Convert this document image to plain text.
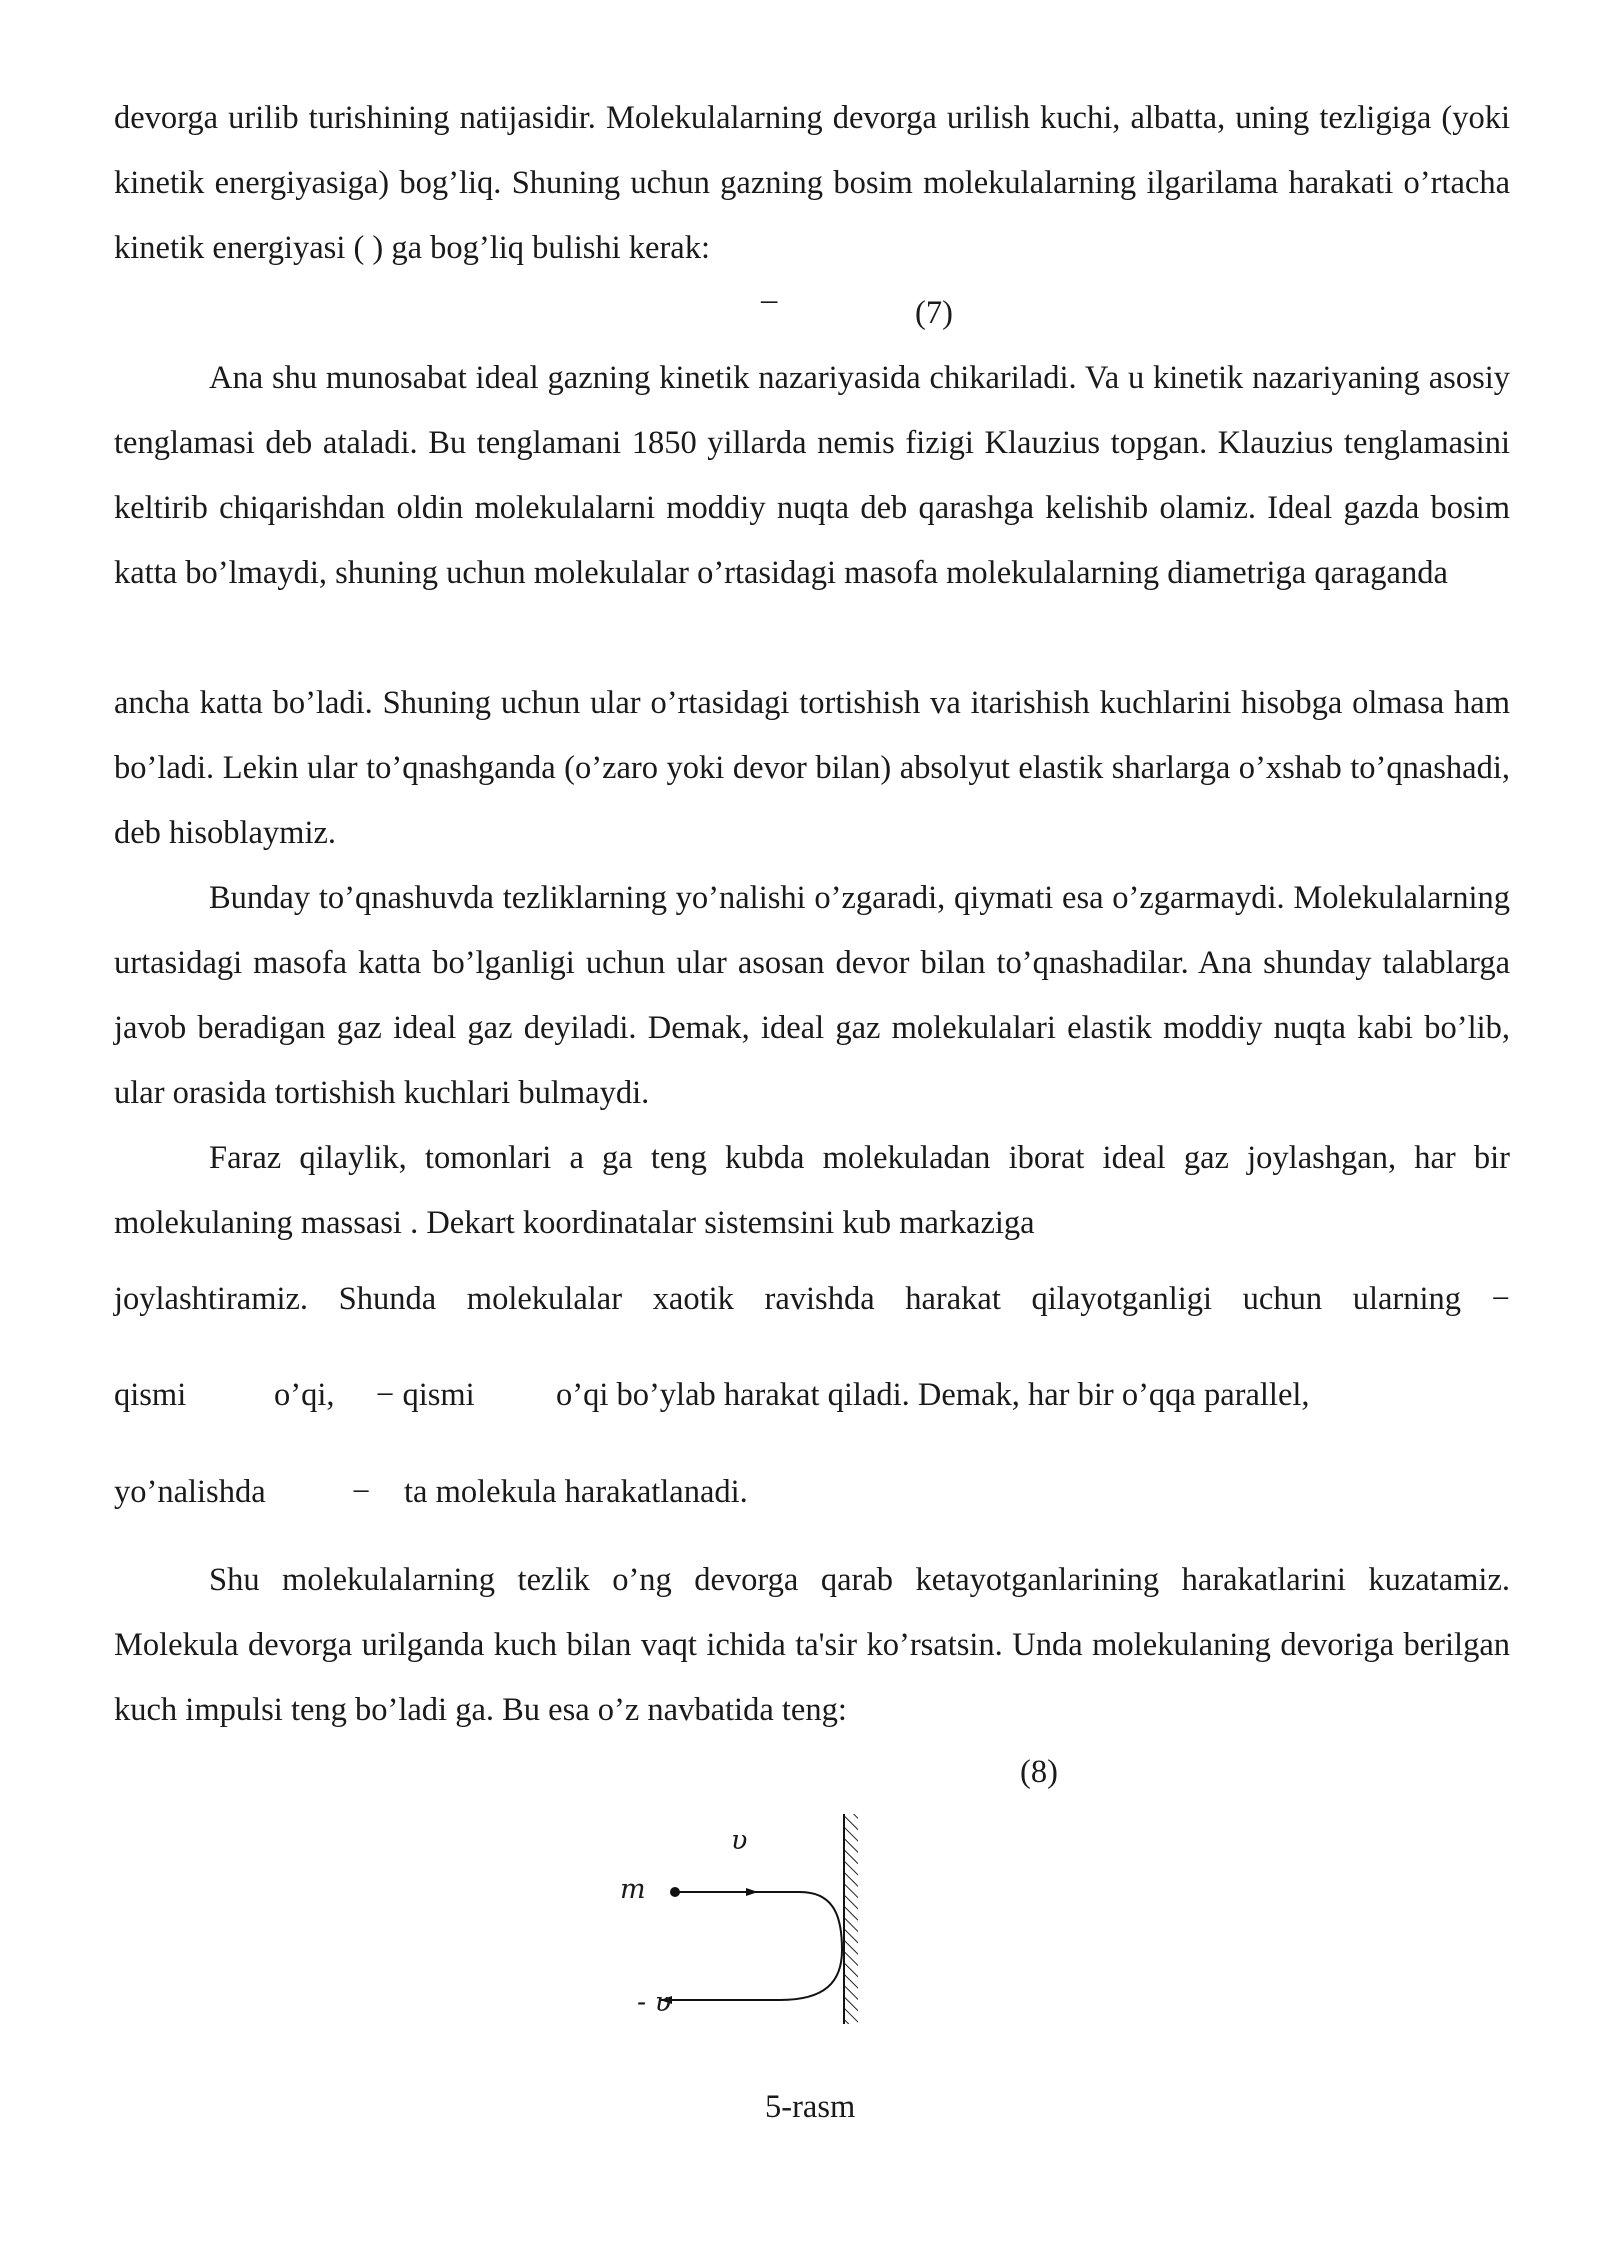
devorga urilib turishining natijasidir. Molekulalarning devorga urilish kuchi, albatta, uning tezligiga (yoki kinetik energiyasiga) bog’liq. Shuning uchun gazning bosim molekulalarning ilgarilama harakati o’rtacha kinetik energiyasi ( ) ga bog’liq bulishi kerak:

–	(7)

Ana shu munosabat ideal gazning kinetik nazariyasida chikariladi. Va u kinetik nazariyaning asosiy tenglamasi deb ataladi. Bu tenglamani 1850 yillarda nemis fizigi Klauzius topgan. Klauzius tenglamasini keltirib chiqarishdan oldin molekulalarni moddiy nuqta deb qarashga kelishib olamiz. Ideal gazda bosim katta bo’lmaydi, shuning uchun molekulalar o’rtasidagi masofa molekulalarning diametriga qaraganda

ancha katta bo’ladi. Shuning uchun ular o’rtasidagi tortishish va itarishish kuchlarini hisobga olmasa ham bo’ladi. Lekin ular to’qnashganda (o’zaro yoki devor bilan) absolyut elastik sharlarga o’xshab to’qnashadi, deb hisoblaymiz.

Bunday to’qnashuvda tezliklarning yo’nalishi o’zgaradi, qiymati esa o’zgarmaydi. Molekulalarning urtasidagi masofa katta bo’lganligi uchun ular asosan devor bilan to’qnashadilar. Ana shunday talablarga javob beradigan gaz ideal gaz deyiladi. Demak, ideal gaz molekulalari elastik moddiy nuqta kabi bo’lib, ular orasida tortishish kuchlari bulmaydi.

Faraz qilaylik, tomonlari a ga teng kubda molekuladan iborat ideal gaz joylashgan, har bir molekulaning massasi . Dekart koordinatalar sistemsini kub markaziga

joylashtiramiz. Shunda molekulalar xaotik ravishda harakat qilayotganligi uchun ularning −

qismi	o’qi, − qismi	o’qi bo’ylab harakat qiladi. Demak, har bir o’qqa parallel,
yo’nalishda	− ta molekula harakatlanadi.

Shu molekulalarning tezlik o’ng devorga qarab ketayotganlarining harakatlarini kuzatamiz. Molekula devorga urilganda kuch bilan vaqt ichida ta'sir ko’rsatsin. Unda molekulaning devoriga berilgan kuch impulsi teng bo’ladi ga. Bu esa o’z navbatida teng:

(8)
m
υ
- υ
5-rasm
